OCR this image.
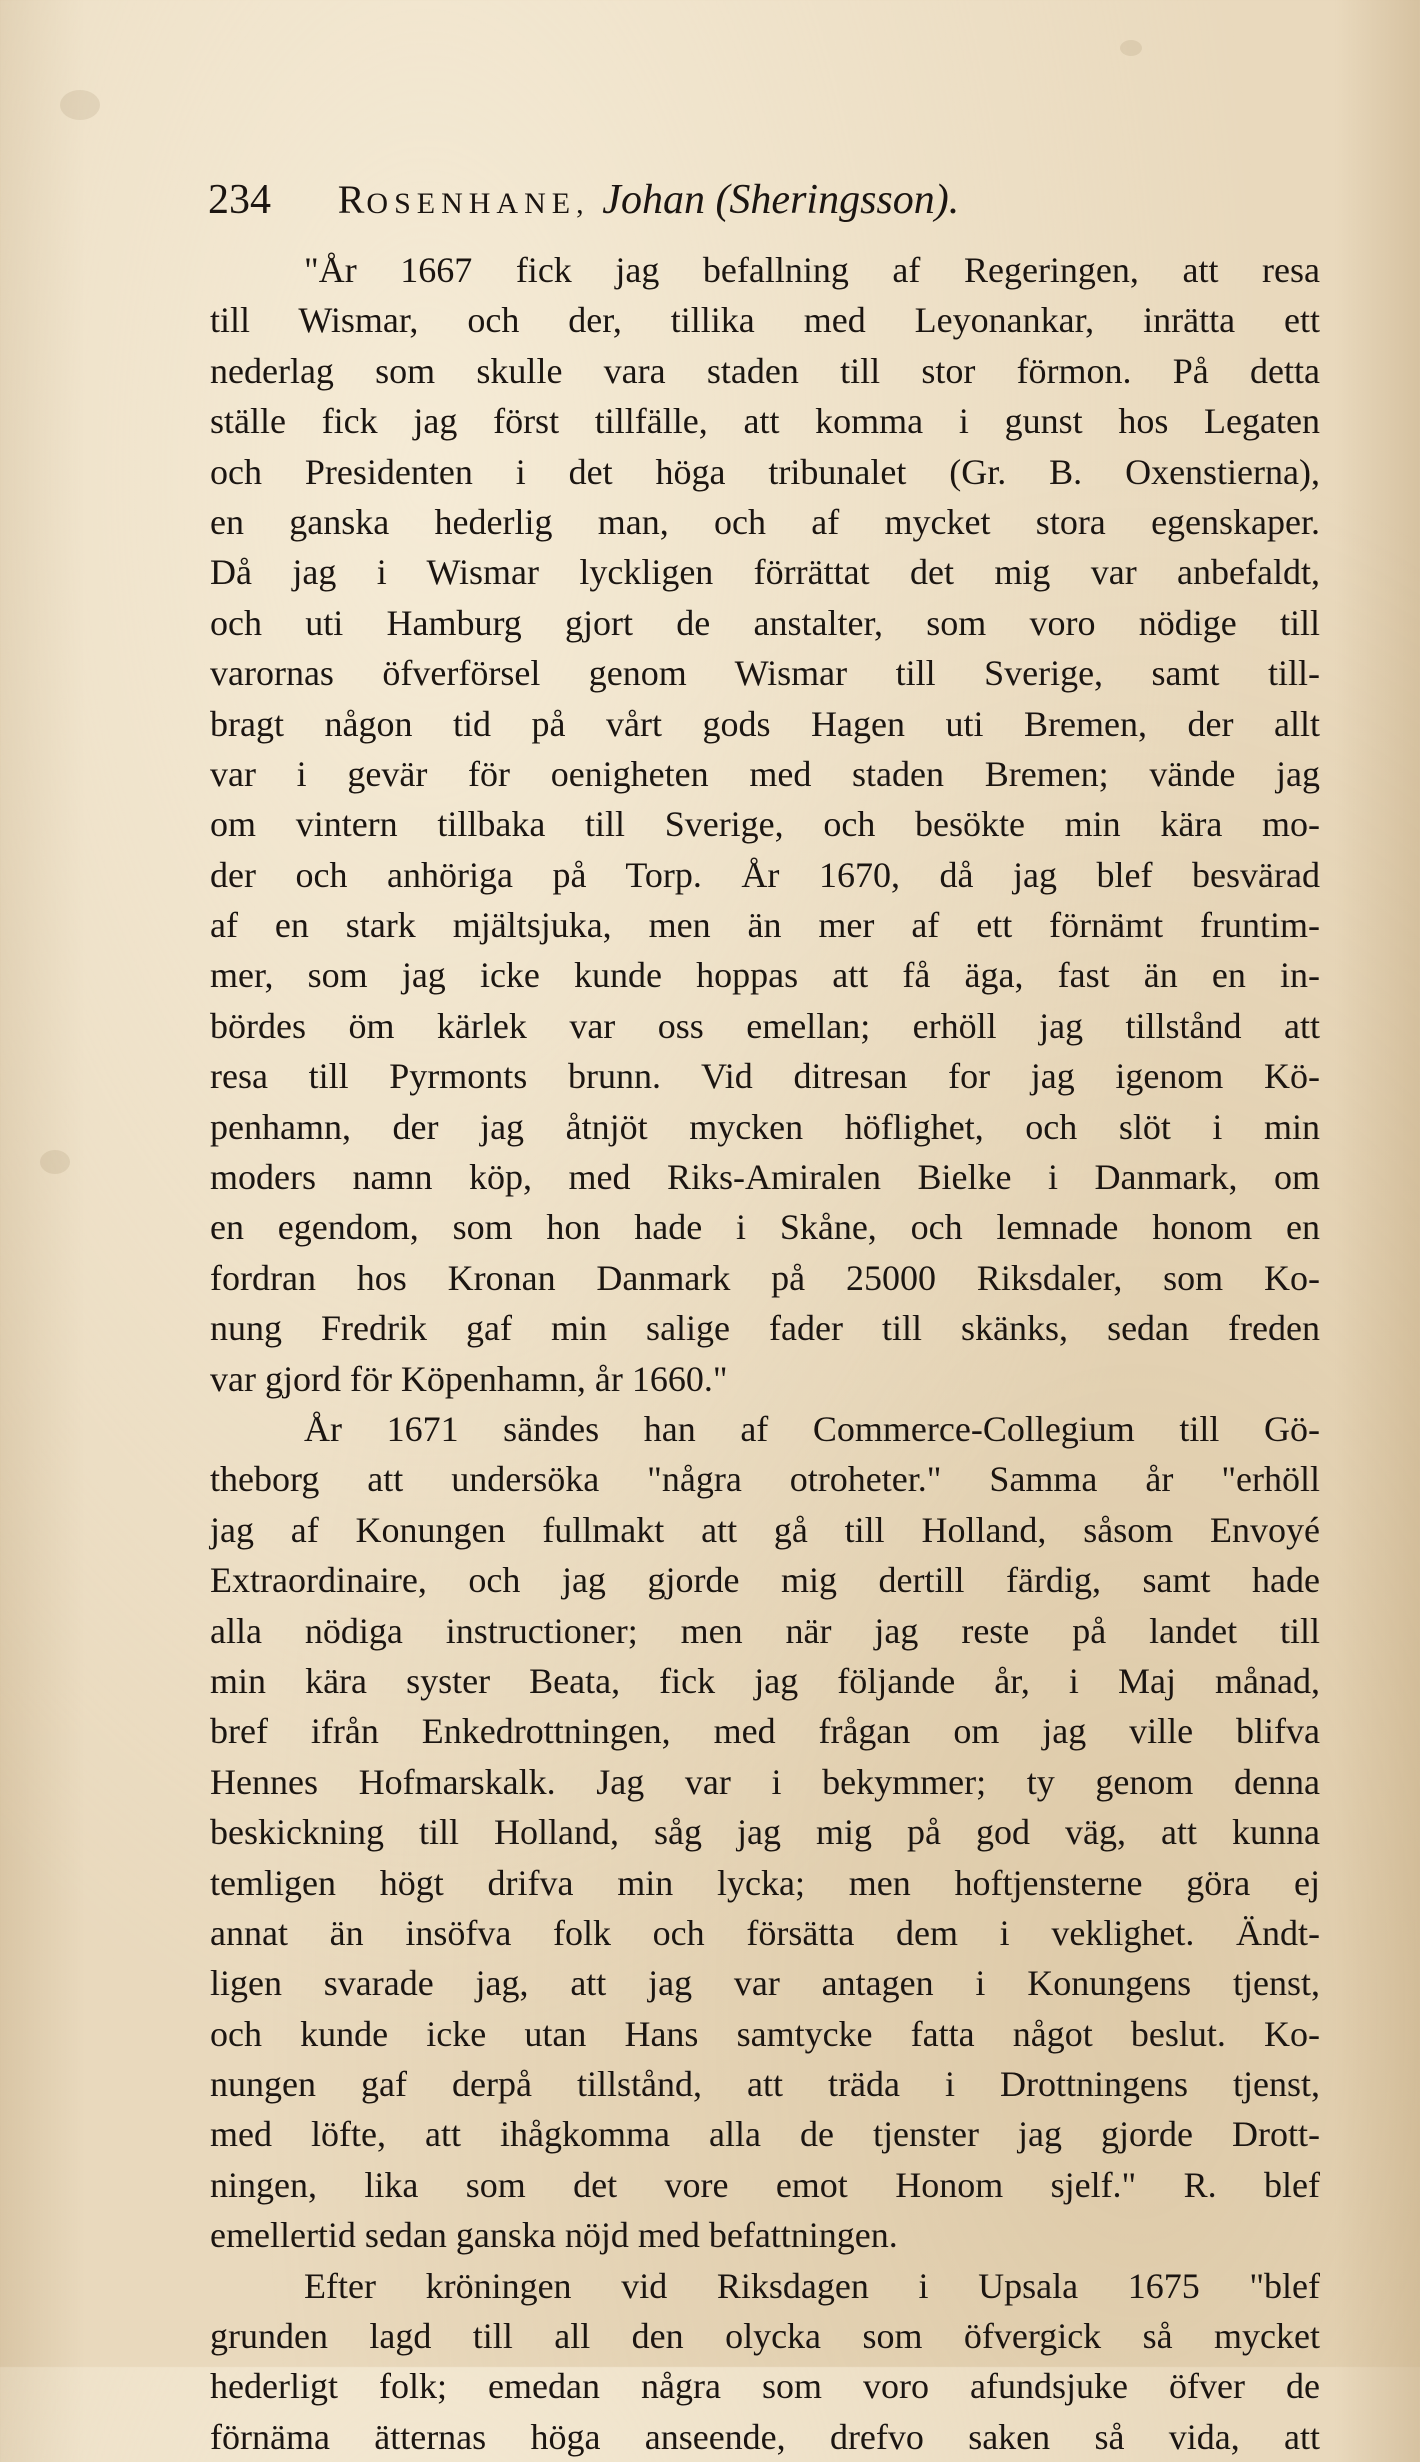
234 ROSENHANE, Johan (Sheringsson).
"År 1667 fick jag befallning af Regeringen, att resa
till Wismar, och der, tillika med Leyonankar, inrätta ett
nederlag som skulle vara staden till stor förmon. På detta
ställe fick jag först tillfälle, att komma i gunst hos Legaten
och Presidenten i det höga tribunalet (Gr. B. Oxenstierna),
en ganska hederlig man, och af mycket stora egenskaper.
Då jag i Wismar lyckligen förrättat det mig var anbefaldt,
och uti Hamburg gjort de anstalter, som voro nödige till
varornas öfverförsel genom Wismar till Sverige, samt till-
bragt någon tid på vårt gods Hagen uti Bremen, der allt
var i gevär för oenigheten med staden Bremen; vände jag
om vintern tillbaka till Sverige, och besökte min kära mo-
der och anhöriga på Torp. År 1670, då jag blef besvärad
af en stark mjältsjuka, men än mer af ett förnämt fruntim-
mer, som jag icke kunde hoppas att få äga, fast än en in-
bördes öm kärlek var oss emellan; erhöll jag tillstånd att
resa till Pyrmonts brunn. Vid ditresan for jag igenom Kö-
penhamn, der jag åtnjöt mycken höflighet, och slöt i min
moders namn köp, med Riks-Amiralen Bielke i Danmark, om
en egendom, som hon hade i Skåne, och lemnade honom en
fordran hos Kronan Danmark på 25000 Riksdaler, som Ko-
nung Fredrik gaf min salige fader till skänks, sedan freden
var gjord för Köpenhamn, år 1660."
År 1671 sändes han af Commerce-Collegium till Gö-
theborg att undersöka "några otroheter." Samma år "erhöll
jag af Konungen fullmakt att gå till Holland, såsom Envoyé
Extraordinaire, och jag gjorde mig dertill färdig, samt hade
alla nödiga instructioner; men när jag reste på landet till
min kära syster Beata, fick jag följande år, i Maj månad,
bref ifrån Enkedrottningen, med frågan om jag ville blifva
Hennes Hofmarskalk. Jag var i bekymmer; ty genom denna
beskickning till Holland, såg jag mig på god väg, att kunna
temligen högt drifva min lycka; men hoftjensterne göra ej
annat än insöfva folk och försätta dem i veklighet. Ändt-
ligen svarade jag, att jag var antagen i Konungens tjenst,
och kunde icke utan Hans samtycke fatta något beslut. Ko-
nungen gaf derpå tillstånd, att träda i Drottningens tjenst,
med löfte, att ihågkomma alla de tjenster jag gjorde Drott-
ningen, lika som det vore emot Honom sjelf." R. blef
emellertid sedan ganska nöjd med befattningen.
Efter kröningen vid Riksdagen i Upsala 1675 "blef
grunden lagd till all den olycka som öfvergick så mycket
hederligt folk; emedan några som voro afundsjuke öfver de
förnäma ätternas höga anseende, drefvo saken så vida, att
